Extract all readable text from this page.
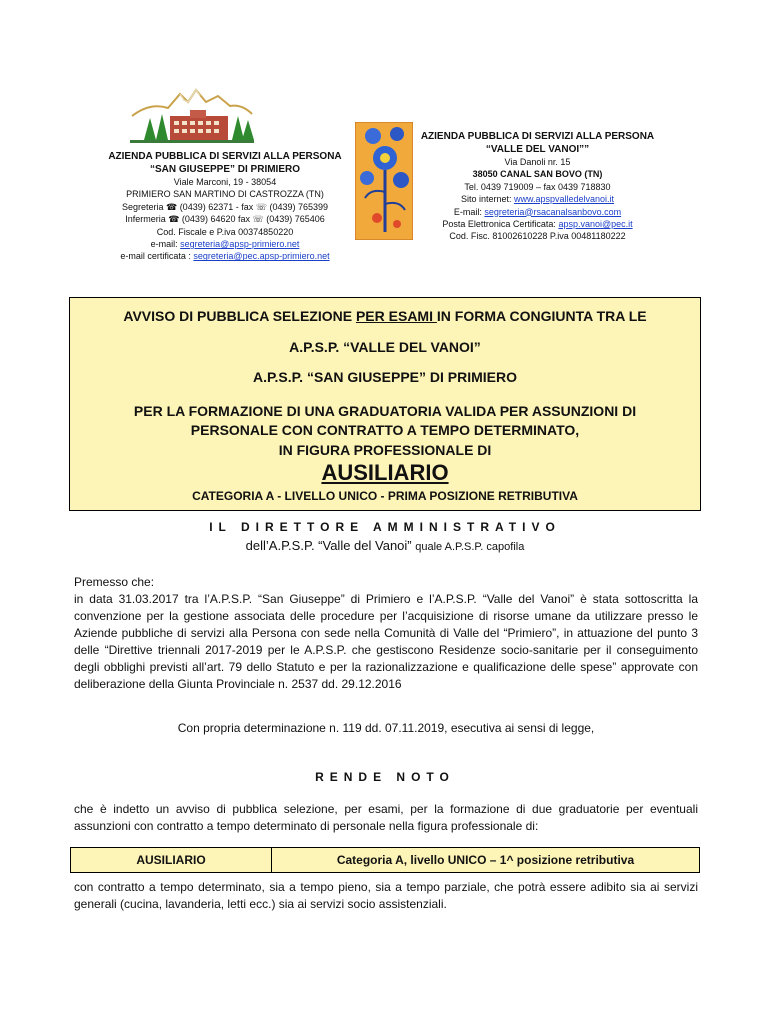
AZIENDA PUBBLICA DI SERVIZI ALLA PERSONA
“SAN GIUSEPPE” DI PRIMIERO
Viale Marconi, 19 - 38054
PRIMIERO SAN MARTINO DI CASTROZZA (TN)
Segreteria ☎ (0439) 62371 - fax ☏ (0439) 765399
Infermeria ☎ (0439) 64620 fax ☏ (0439) 765406
Cod. Fiscale e P.iva 00374850220
e-mail: segreteria@apsp-primiero.net
e-mail certificata : segreteria@pec.apsp-primiero.net
AZIENDA PUBBLICA DI SERVIZI ALLA PERSONA
“VALLE DEL VANOI””
Via Danoli nr. 15
38050 CANAL SAN BOVO (TN)
Tel. 0439 719009 – fax 0439 718830
Sito internet: www.apspvalledelvanoi.it
E-mail: segreteria@rsacanalsanbovo.com
Posta Elettronica Certificata: apsp.vanoi@pec.it
Cod. Fisc. 81002610228 P.iva 00481180222
AVVISO DI PUBBLICA SELEZIONE PER ESAMI IN FORMA CONGIUNTA TRA LE
A.P.S.P. “VALLE DEL VANOI”
A.P.S.P. “SAN GIUSEPPE” DI PRIMIERO
PER LA FORMAZIONE DI UNA GRADUATORIA VALIDA PER ASSUNZIONI DI
PERSONALE CON CONTRATTO A TEMPO DETERMINATO,
IN FIGURA PROFESSIONALE DI
AUSILIARIO
CATEGORIA A - LIVELLO UNICO - PRIMA POSIZIONE RETRIBUTIVA
IL DIRETTORE AMMINISTRATIVO
dell’A.P.S.P. “Valle del Vanoi” quale A.P.S.P. capofila
Premesso che:
in data 31.03.2017 tra l’A.P.S.P. “San Giuseppe” di Primiero e l’A.P.S.P. “Valle del Vanoi” è stata sottoscritta la convenzione per la gestione associata delle procedure per l’acquisizione di risorse umane da utilizzare presso le Aziende pubbliche di servizi alla Persona con sede nella Comunità di Valle del “Primiero”, in attuazione del punto 3 delle “Direttive triennali 2017-2019 per le A.P.S.P. che gestiscono Residenze socio-sanitarie per il conseguimento degli obblighi previsti all’art. 79 dello Statuto e per la razionalizzazione e qualificazione delle spese” approvate con deliberazione della Giunta Provinciale n. 2537 dd. 29.12.2016
Con propria determinazione n. 119 dd. 07.11.2019, esecutiva ai sensi di legge,
RENDE NOTO
che è indetto un avviso di pubblica selezione, per esami, per la formazione di due graduatorie per eventuali assunzioni con contratto a tempo determinato di personale nella figura professionale di:
AUSILIARIO	Categoria A, livello UNICO – 1^ posizione retributiva
con contratto a tempo determinato, sia a tempo pieno, sia a tempo parziale, che potrà essere adibito sia ai servizi generali (cucina, lavanderia, letti ecc.) sia ai servizi socio assistenziali.
